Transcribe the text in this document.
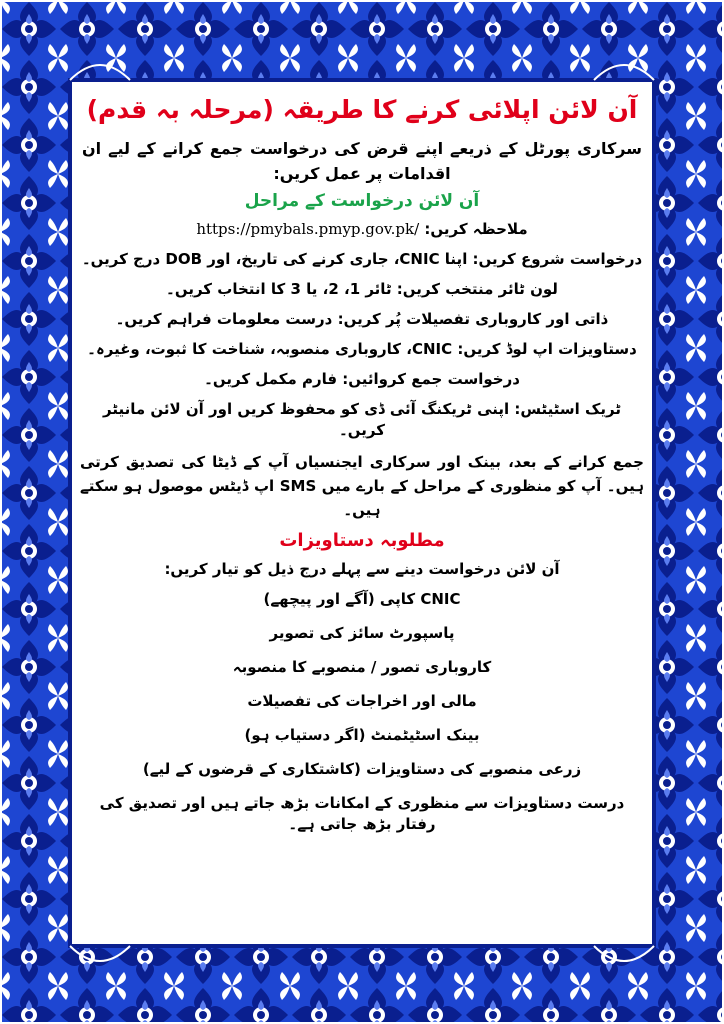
آن لائن اپلائی کرنے کا طریقہ (مرحلہ بہ قدم)
سرکاری پورٹل کے ذریعے اپنے قرض کی درخواست جمع کرانے کے لیے ان اقدامات پر عمل کریں:
آن لائن درخواست کے مراحل
ملاحظہ کریں: https://pmybals.pmyp.gov.pk/
درخواست شروع کریں: اپنا CNIC، جاری کرنے کی تاریخ، اور DOB درج کریں۔
لون ٹائر منتخب کریں: ٹائر 1، 2، یا 3 کا انتخاب کریں۔
ذاتی اور کاروباری تفصیلات پُر کریں: درست معلومات فراہم کریں۔
دستاویزات اپ لوڈ کریں: CNIC، کاروباری منصوبہ، شناخت کا ثبوت، وغیرہ۔
درخواست جمع کروائیں: فارم مکمل کریں۔
ٹریک اسٹیٹس: اپنی ٹریکنگ آئی ڈی کو محفوظ کریں اور آن لائن مانیٹر کریں۔
جمع کرانے کے بعد، بینک اور سرکاری ایجنسیاں آپ کے ڈیٹا کی تصدیق کرتی ہیں۔ آپ کو منظوری کے مراحل کے بارے میں SMS اپ ڈیٹس موصول ہو سکتے ہیں۔
مطلوبہ دستاویزات
آن لائن درخواست دینے سے پہلے درج ذیل کو تیار کریں:
CNIC کاپی (آگے اور پیچھے)
پاسپورٹ سائز کی تصویر
کاروباری تصور / منصوبے کا منصوبہ
مالی اور اخراجات کی تفصیلات
بینک اسٹیٹمنٹ (اگر دستیاب ہو)
زرعی منصوبے کی دستاویزات (کاشتکاری کے قرضوں کے لیے)
درست دستاویزات سے منظوری کے امکانات بڑھ جاتے ہیں اور تصدیق کی رفتار بڑھ جاتی ہے۔
